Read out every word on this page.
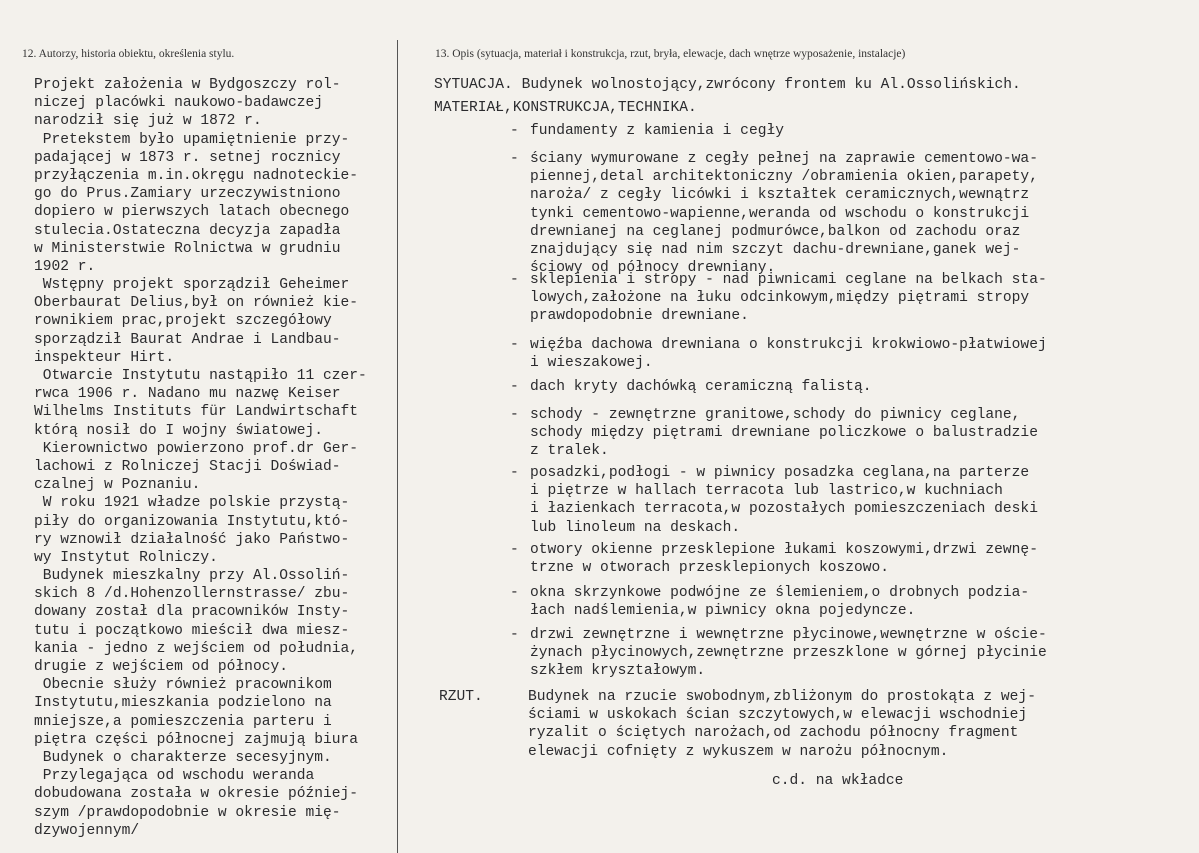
12. Autorzy, historia obiektu, określenia stylu.	13. Opis (sytuacja, materiał i konstrukcja, rzut, bryła, elewacje, dach wnętrze wyposażenie, instalacje)
Projekt założenia w Bydgoszczy rol-
niczej placówki naukowo-badawczej
narodził się już w 1872 r.
Pretekstem było upamiętnienie przy-
padającej w 1873 r. setnej rocznicy
przyłączenia m.in.okręgu nadnoteckie-
go do Prus.Zamiary urzeczywistniono
dopiero w pierwszych latach obecnego
stulecia.Ostateczna decyzja zapadła
w Ministerstwie Rolnictwa w grudniu
1902 r.
Wstępny projekt sporządził Geheimer
Oberbaurat Delius,był on również kie-
rownikiem prac,projekt szczegółowy
sporządził Baurat Andrae i Landbau-
inspekteur Hirt.
Otwarcie Instytutu nastąpiło 11 czer-
rwca 1906 r. Nadano mu nazwę Keiser
Wilhelms Instituts für Landwirtschaft
którą nosił do I wojny światowej.
Kierownictwo powierzono prof.dr Ger-
lachowi z Rolniczej Stacji Doświad-
czalnej w Poznaniu.
W roku 1921 władze polskie przystą-
piły do organizowania Instytutu,któ-
ry wznowił działalność jako Państwo-
wy Instytut Rolniczy.
Budynek mieszkalny przy Al.Ossoliń-
skich 8 /d.Hohenzollernstrasse/ zbu-
dowany został dla pracowników Insty-
tutu i początkowo mieścił dwa miesz-
kania - jedno z wejściem od południa,
drugie z wejściem od północy.
Obecnie służy również pracownikom
Instytutu,mieszkania podzielono na
mniejsze,a pomieszczenia parteru i
piętra części północnej zajmują biura
Budynek o charakterze secesyjnym.
Przylegająca od wschodu weranda
dobudowana została w okresie później-
szym /prawdopodobnie w okresie mię-
dzywojennym/
SYTUACJA. Budynek wolnostojący,zwrócony frontem ku Al.Ossolińskich.
MATERIAŁ,KONSTRUKCJA,TECHNIKA.
- fundamenty z kamienia i cegły
- ściany wymurowane z cegły pełnej na zaprawie cementowo-wa-
piennej,detal architektoniczny /obramienia okien,parapety,
naroża/ z cegły licówki i kształtek ceramicznych,wewnątrz
tynki cementowo-wapienne,weranda od wschodu o konstrukcji
drewnianej na ceglanej podmurówce,balkon od zachodu oraz
znajdujący się nad nim szczyt dachu-drewniane,ganek wej-
ściowy od północy drewniany.
- sklepienia i stropy - nad piwnicami ceglane na belkach sta-
lowych,założone na łuku odcinkowym,między piętrami stropy
prawdopodobnie drewniane.
- więźba dachowa drewniana o konstrukcji krokwiowo-płatwiowej
i wieszakowej.
- dach kryty dachówką ceramiczną falistą.
- schody - zewnętrzne granitowe,schody do piwnicy ceglane,
schody między piętrami drewniane policzkowe o balustradzie
z tralek.
- posadzki,podłogi - w piwnicy posadzka ceglana,na parterze
i piętrze w hallach terracota lub lastrico,w kuchniach
i łazienkach terracota,w pozostałych pomieszczeniach deski
lub linoleum na deskach.
- otwory okienne przesklepione łukami koszowymi,drzwi zewnę-
trzne w otworach przesklepionych koszowo.
- okna skrzynkowe podwójne ze ślemieniem,o drobnych podzia-
łach nadślemienia,w piwnicy okna pojedyncze.
- drzwi zewnętrzne i wewnętrzne płycinowe,wewnętrzne w oście-
żynach płycinowych,zewnętrzne przeszklone w górnej płycinie
szkłem kryształowym.
RZUT.	Budynek na rzucie swobodnym,zbliżonym do prostokąta z wej-
ściami w uskokach ścian szczytowych,w elewacji wschodniej
ryzalit o ściętych narożach,od zachodu północny fragment
elewacji cofnięty z wykuszem w narożu północnym.
c.d. na wkładce
